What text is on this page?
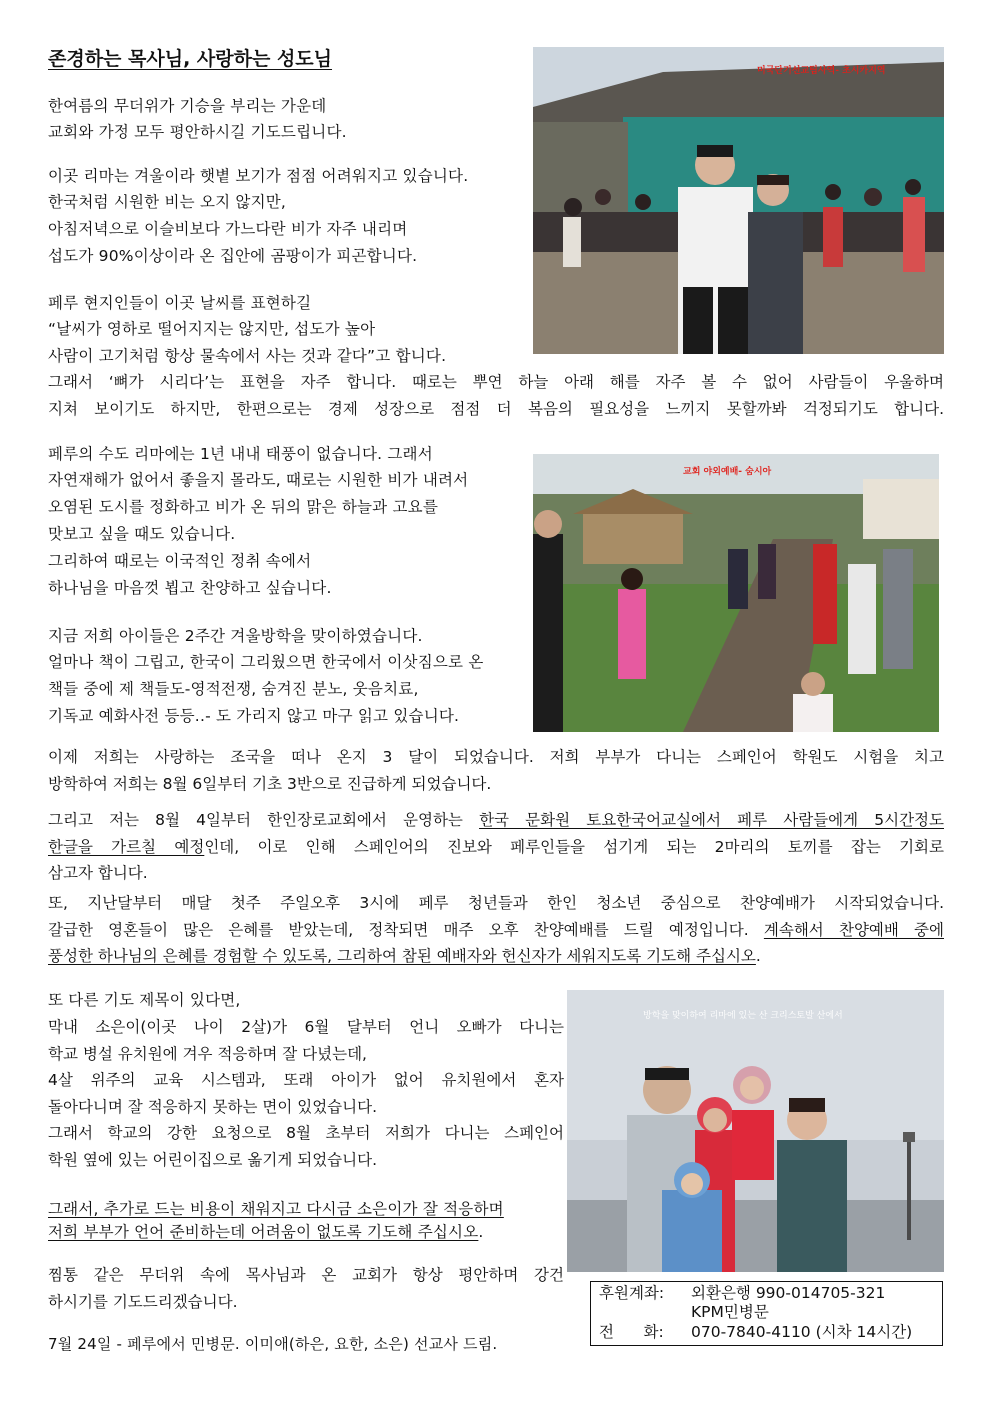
존경하는 목사님, 사랑하는 성도님
미국단기선교팀사역- 초시카지역
교회 야외예배- 숨시아
방학을 맞이하여 리마에 있는 산 크리스토발 산에서
한여름의 무더위가 기승을 부리는 가운데
교회와 가정 모두 평안하시길 기도드립니다.
이곳 리마는 겨울이라 햇볕 보기가 점점 어려워지고 있습니다.
한국처럼 시원한 비는 오지 않지만,
아침저녁으로 이슬비보다 가느다란 비가 자주 내리며
섭도가 90%이상이라 온 집안에 곰팡이가 피곤합니다.
페루 현지인들이 이곳 날씨를 표현하길
“날씨가 영하로 떨어지지는 않지만, 섭도가 높아
사람이 고기처럼 항상 물속에서 사는 것과 같다”고 합니다.
그래서 ‘뼈가 시리다’는 표현을 자주 합니다. 때로는 뿌연 하늘 아래 해를 자주 볼 수 없어 사람들이 우울하며
지쳐 보이기도 하지만, 한편으로는 경제 성장으로 점점 더 복음의 필요성을 느끼지 못할까봐 걱정되기도 합니다.
페루의 수도 리마에는 1년 내내 태풍이 없습니다. 그래서
자연재해가 없어서 좋을지 몰라도, 때로는 시원한 비가 내려서
오염된 도시를 정화하고 비가 온 뒤의 맑은 하늘과 고요를
맛보고 싶을 때도 있습니다.
그리하여 때로는 이국적인 정취 속에서
하나님을 마음껏 뵙고 찬양하고 싶습니다.
지금 저희 아이들은 2주간 겨울방학을 맞이하였습니다.
얼마나 책이 그립고, 한국이 그리웠으면 한국에서 이삿짐으로 온
책들 중에 제 책들도-영적전쟁, 숨겨진 분노, 웃음치료,
기독교 예화사전 등등..- 도 가리지 않고 마구 읽고 있습니다.
이제 저희는 사랑하는 조국을 떠나 온지 3 달이 되었습니다. 저희 부부가 다니는 스페인어 학원도 시험을 치고
방학하여 저희는 8월 6일부터 기초 3반으로 진급하게 되었습니다.
그리고 저는 8월 4일부터 한인장로교회에서 운영하는 한국 문화원 토요한국어교실에서 페루 사람들에게 5시간정도
한글을 가르칠 예정인데, 이로 인해 스페인어의 진보와 페루인들을 섬기게 되는 2마리의 토끼를 잡는 기회로
삼고자 합니다.
또, 지난달부터 매달 첫주 주일오후 3시에 페루 청년들과 한인 청소년 중심으로 찬양예배가 시작되었습니다.
갈급한 영혼들이 많은 은혜를 받았는데, 정착되면 매주 오후 찬양예배를 드릴 예정입니다. 계속해서 찬양예배 중에
풍성한 하나님의 은혜를 경험할 수 있도록, 그리하여 참된 예배자와 헌신자가 세워지도록 기도해 주십시오.
또 다른 기도 제목이 있다면,
막내 소은이(이곳 나이 2살)가 6월 달부터 언니 오빠가 다니는
학교 병설 유치원에 겨우 적응하며 잘 다녔는데,
4살 위주의 교육 시스템과, 또래 아이가 없어 유치원에서 혼자
돌아다니며 잘 적응하지 못하는 면이 있었습니다.
그래서 학교의 강한 요청으로 8월 초부터 저희가 다니는 스페인어
학원 옆에 있는 어린이집으로 옮기게 되었습니다.
그래서, 추가로 드는 비용이 채워지고 다시금 소은이가 잘 적응하며
저희 부부가 언어 준비하는데 어려움이 없도록 기도해 주십시오.
찜통 같은 무더위 속에 목사님과 온 교회가 항상 평안하며 강건
하시기를 기도드리겠습니다.
7월 24일 - 페루에서 민병문. 이미애(하은, 요한, 소은) 선교사 드림.
후원계좌: 외환은행 990-014705-321
KPM민병문
전      화: 070-7840-4110 (시차 14시간)
